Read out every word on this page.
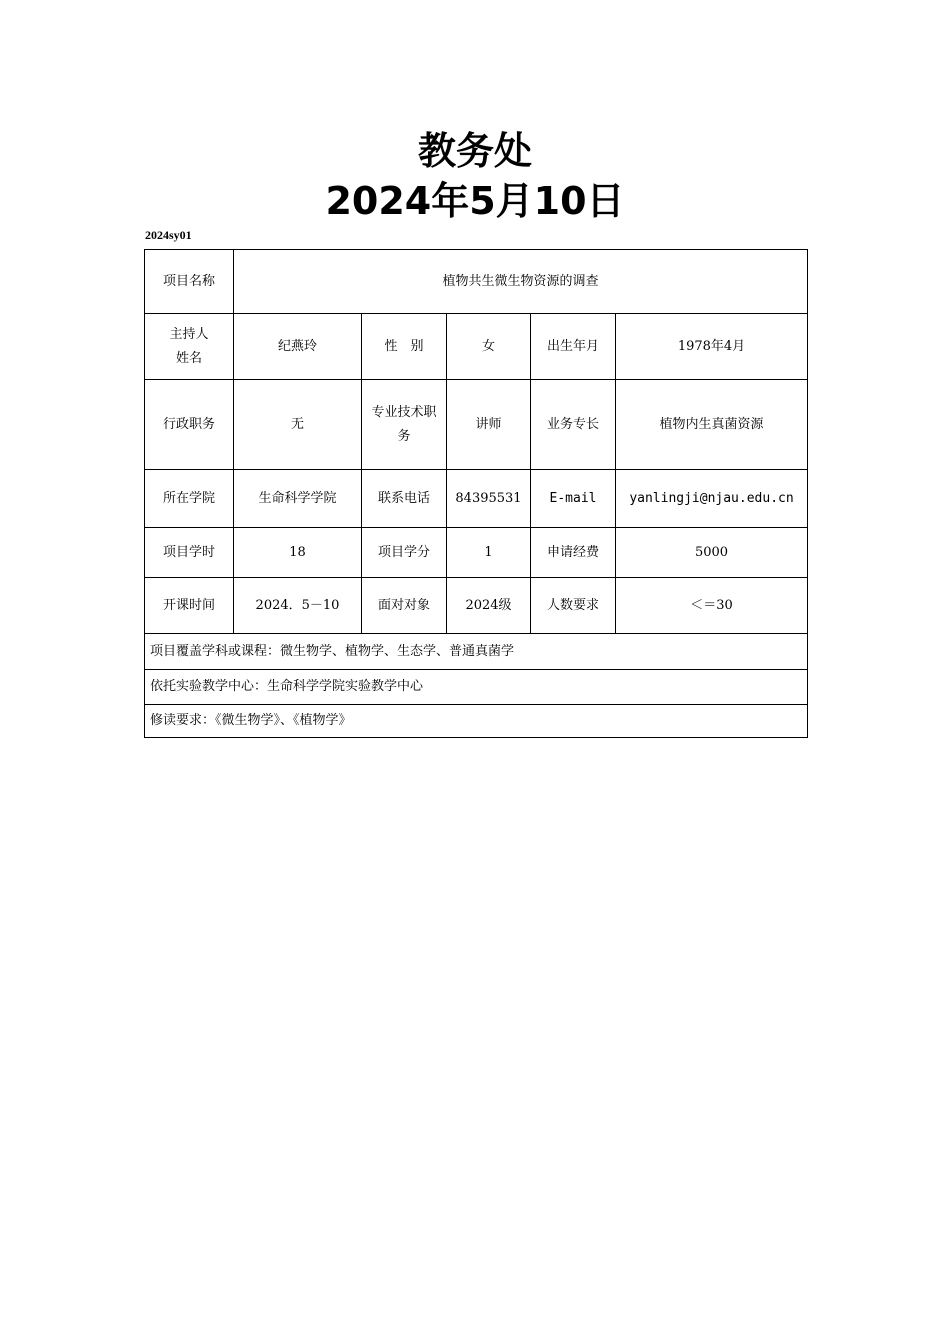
教务处
2024年5月10日
2024sy01
项目名称	植物共生微生物资源的调查				
主持人
姓名	纪燕玲	性　别	女	出生年月	1978年4月
行政职务	无	专业技术职务	讲师	业务专长	植物内生真菌资源
所在学院	生命科学学院	联系电话	84395531	E-mail	yanlingji@njau.edu.cn
项目学时	18	项目学分	1	申请经费	5000
开课时间	2024．5－10	面对对象	2024级	人数要求	＜＝30
项目覆盖学科或课程：微生物学、植物学、生态学、普通真菌学					
依托实验教学中心：生命科学学院实验教学中心					
修读要求：《微生物学》、《植物学》					
